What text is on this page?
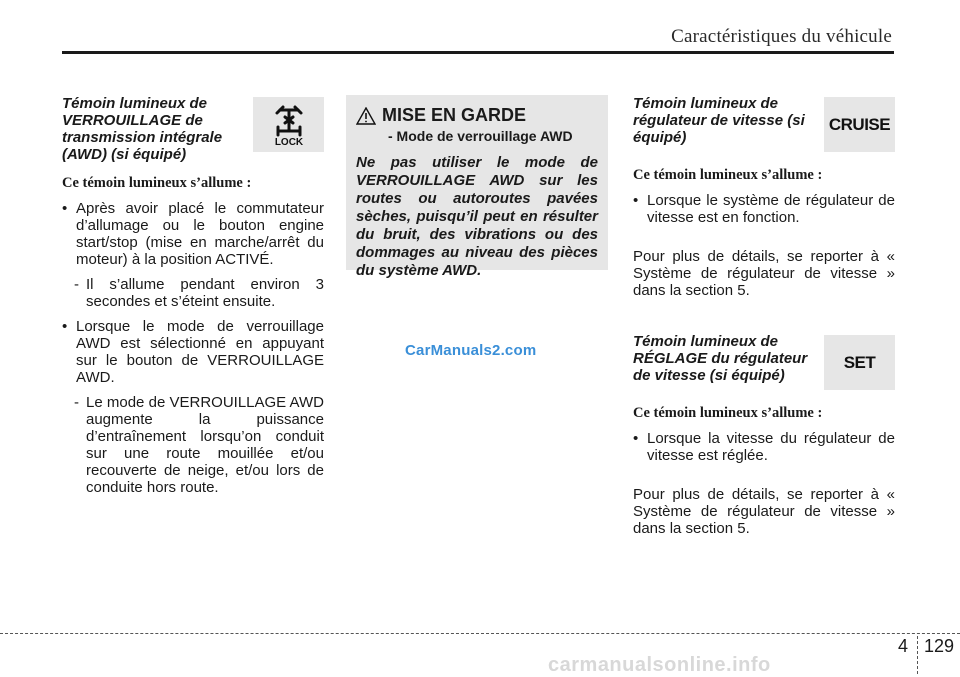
Caractéristiques du véhicule
Témoin lumineux de VERROUILLAGE de transmission intégrale (AWD) (si équipé)
LOCK
Ce témoin lumineux s’allume :
• Après avoir placé le commutateur d’allumage ou le bouton engine start/stop (mise en marche/arrêt du moteur) à la position ACTIVÉ.
- Il s’allume pendant environ 3 secondes et s’éteint ensuite.
• Lorsque le mode de verrouillage AWD est sélectionné en appuyant sur le bouton de VERROUILLAGE AWD.
- Le mode de VERROUILLAGE AWD augmente la puissance d’entraînement lorsqu’on conduit sur une route mouillée et/ou recouverte de neige, et/ou lors de conduite hors route.
MISE EN GARDE
- Mode de verrouillage AWD
Ne pas utiliser le mode de VERROUILLAGE AWD sur les routes ou autoroutes pavées sèches, puisqu’il peut en résulter du bruit, des vibrations ou des dommages au niveau des pièces du système AWD.
CarManuals2.com
Témoin lumineux de régulateur de vitesse (si équipé)
CRUISE
Ce témoin lumineux s’allume :
• Lorsque le système de régulateur de vitesse est en fonction.
Pour plus de détails, se reporter à « Système de régulateur de vitesse » dans la section 5.
Témoin lumineux de RÉGLAGE du régulateur de vitesse (si équipé)
SET
Ce témoin lumineux s’allume :
• Lorsque la vitesse du régulateur de vitesse est réglée.
Pour plus de détails, se reporter à « Système de régulateur de vitesse » dans la section 5.
4 129
carmanualsonline.info
